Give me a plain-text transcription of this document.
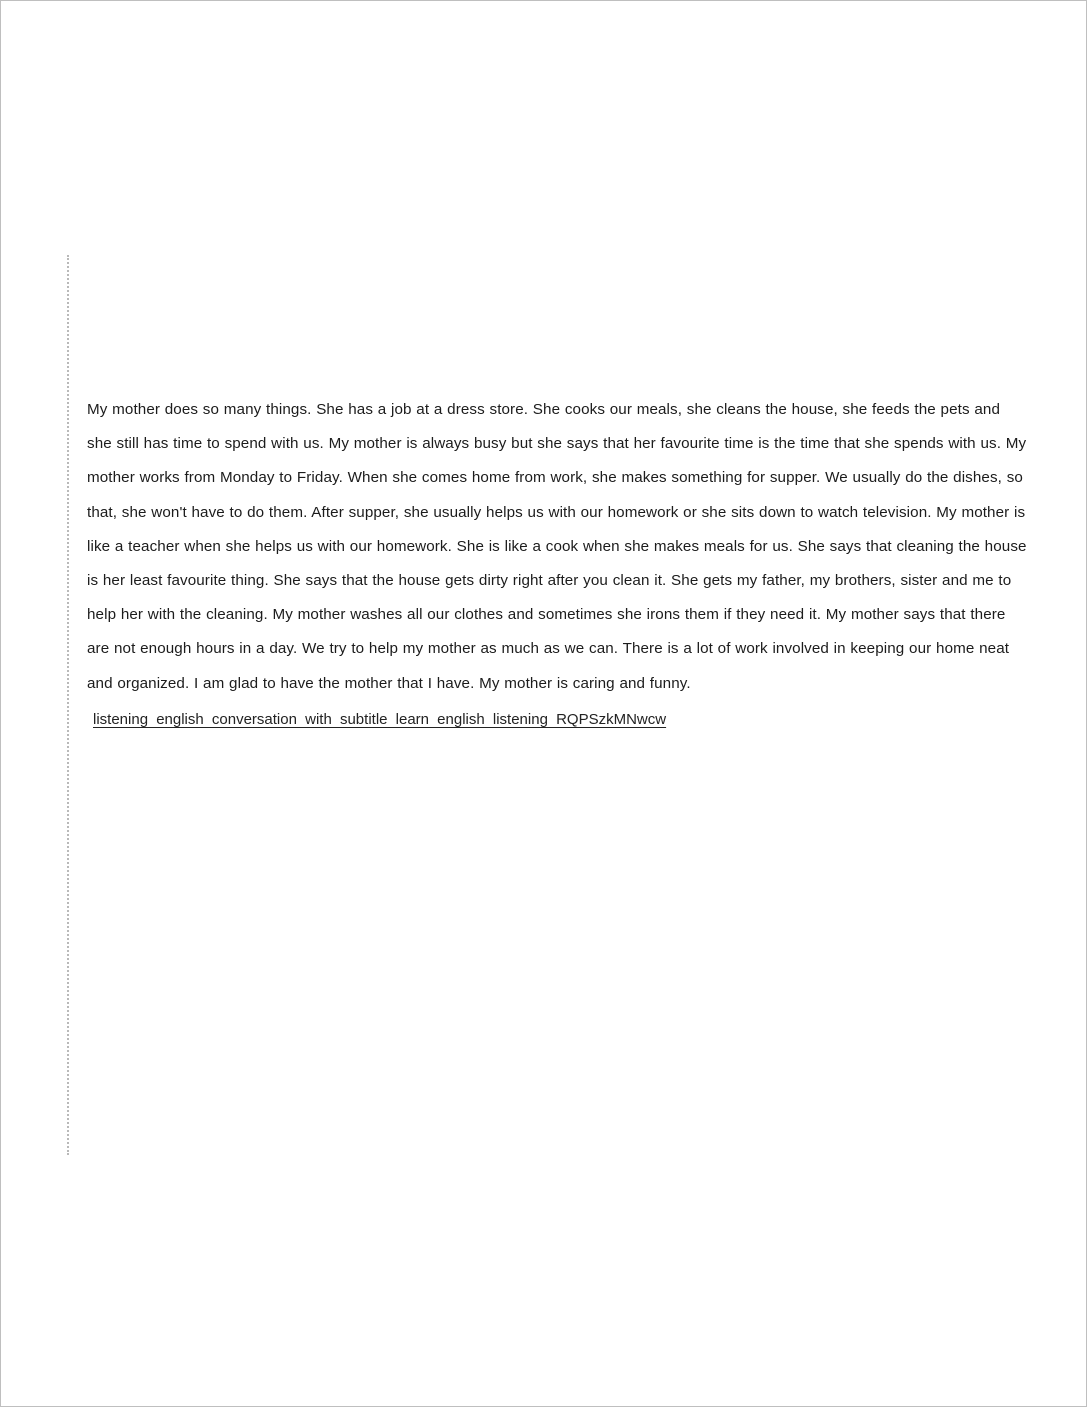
My mother does so many things. She has a job at a dress store. She cooks our meals, she cleans the house, she feeds the pets and she still has time to spend with us. My mother is always busy but she says that her favourite time is the time that she spends with us. My mother works from Monday to Friday. When she comes home from work, she makes something for supper. We usually do the dishes, so that, she won't have to do them. After supper, she usually helps us with our homework or she sits down to watch television. My mother is like a teacher when she helps us with our homework. She is like a cook when she makes meals for us. She says that cleaning the house is her least favourite thing. She says that the house gets dirty right after you clean it. She gets my father, my brothers, sister and me to help her with the cleaning. My mother washes all our clothes and sometimes she irons them if they need it. My mother says that there are not enough hours in a day. We try to help my mother as much as we can. There is a lot of work involved in keeping our home neat and organized. I am glad to have the mother that I have. My mother is caring and funny.

listening english conversation with subtitle learn english listening RQPSzkMNwcw
